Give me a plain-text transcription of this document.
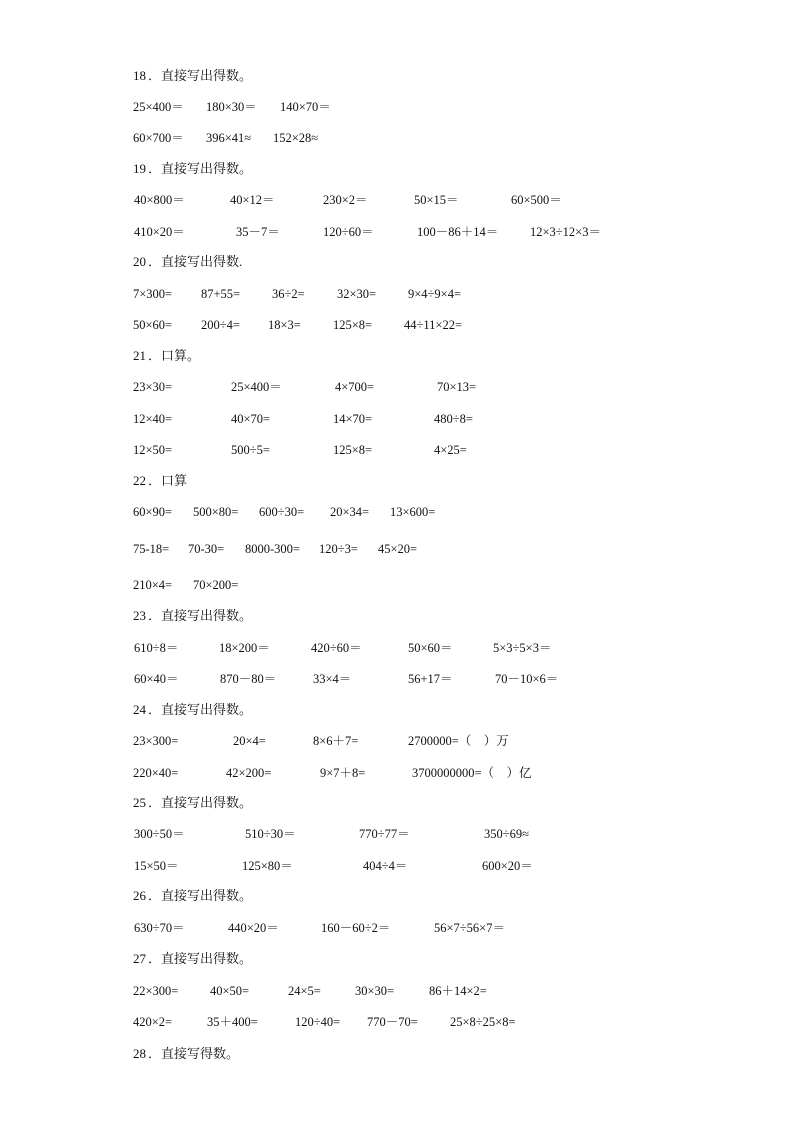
18 ． 直接写出得数。
25×400＝ 180×30＝ 140×70＝
60×700＝ 396×41≈ 152×28≈
19 ． 直接写出得数。
40×800＝	40×12＝	230×2＝	50×15＝	60×500＝
410×20＝	35－7＝	120÷60＝	100－86＋14＝	12×3÷12×3＝
20 ． 直接写出得数.
7×300= 87+55=	36÷2=	32×30=	9×4÷9×4=
50×60= 200÷4= 18×3=	125×8=	44÷11×22=
21 ． 口算。
23×30=	25×400＝	4×700=	70×13=
12×40=	40×70=	14×70=	480÷8=
12×50=	500÷5=	125×8=	4×25=
22 ． 口算
60×90= 500×80= 600÷30= 20×34= 13×600=
75-18= 70-30= 8000-300= 120÷3= 45×20=
210×4= 70×200=
23 ． 直接写出得数。
610÷8＝	18×200＝	420÷60＝	50×60＝	5×3÷5×3＝
60×40＝	870－80＝	33×4＝	56+17＝	70－10×6＝
24 ． 直接写出得数。
23×300=	20×4=	8×6＋7=	2700000=（　）万
220×40=	42×200=	9×7＋8=	3700000000=（　）亿
25 ． 直接写出得数。
300÷50＝	510÷30＝	770÷77＝	350÷69≈
15×50＝	125×80＝	404÷4＝	600×20＝
26 ． 直接写出得数。
630÷70＝	440×20＝	160－60÷2＝	56×7÷56×7＝
27 ． 直接写出得数。
22×300=	40×50=	24×5=	30×30=	86＋14×2=
420×2=	35＋400=	120÷40= 770－70=	25×8÷25×8=
28 ． 直接写得数。
